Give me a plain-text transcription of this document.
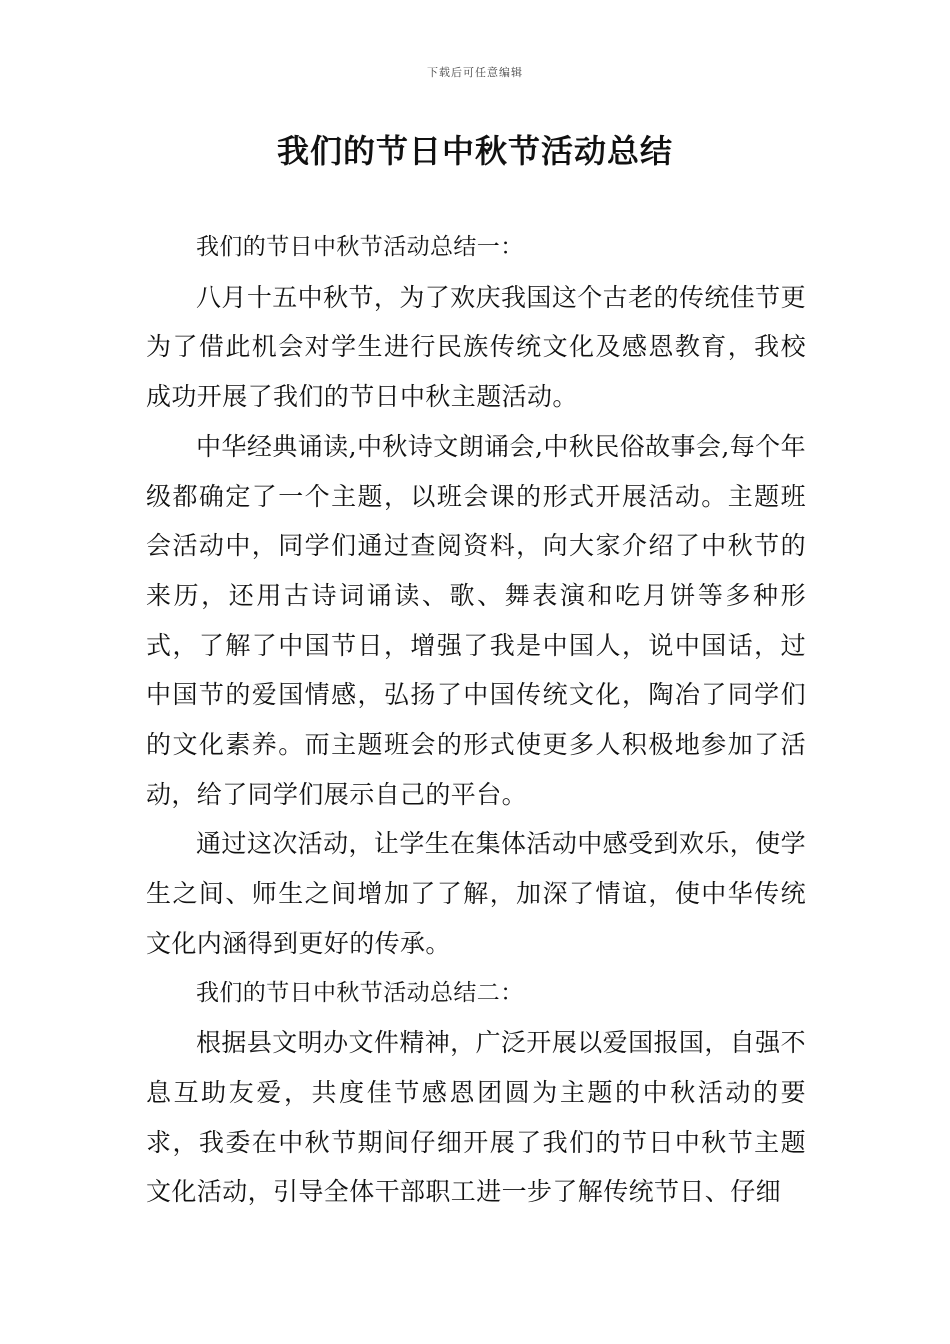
下载后可任意编辑
我们的节日中秋节活动总结

我们的节日中秋节活动总结一：

八月十五中秋节，为了欢庆我国这个古老的传统佳节更为了借此机会对学生进行民族传统文化及感恩教育，我校成功开展了我们的节日中秋主题活动。

中华经典诵读,中秋诗文朗诵会,中秋民俗故事会,每个年级都确定了一个主题，以班会课的形式开展活动。主题班会活动中，同学们通过查阅资料，向大家介绍了中秋节的来历，还用古诗词诵读、歌、舞表演和吃月饼等多种形式，了解了中国节日，增强了我是中国人，说中国话，过中国节的爱国情感，弘扬了中国传统文化，陶冶了同学们的文化素养。而主题班会的形式使更多人积极地参加了活动，给了同学们展示自己的平台。

通过这次活动，让学生在集体活动中感受到欢乐，使学生之间、师生之间增加了了解，加深了情谊，使中华传统文化内涵得到更好的传承。

我们的节日中秋节活动总结二：

根据县文明办文件精神，广泛开展以爱国报国，自强不息互助友爱，共度佳节感恩团圆为主题的中秋活动的要求，我委在中秋节期间仔细开展了我们的节日中秋节主题文化活动，引导全体干部职工进一步了解传统节日、仔细
